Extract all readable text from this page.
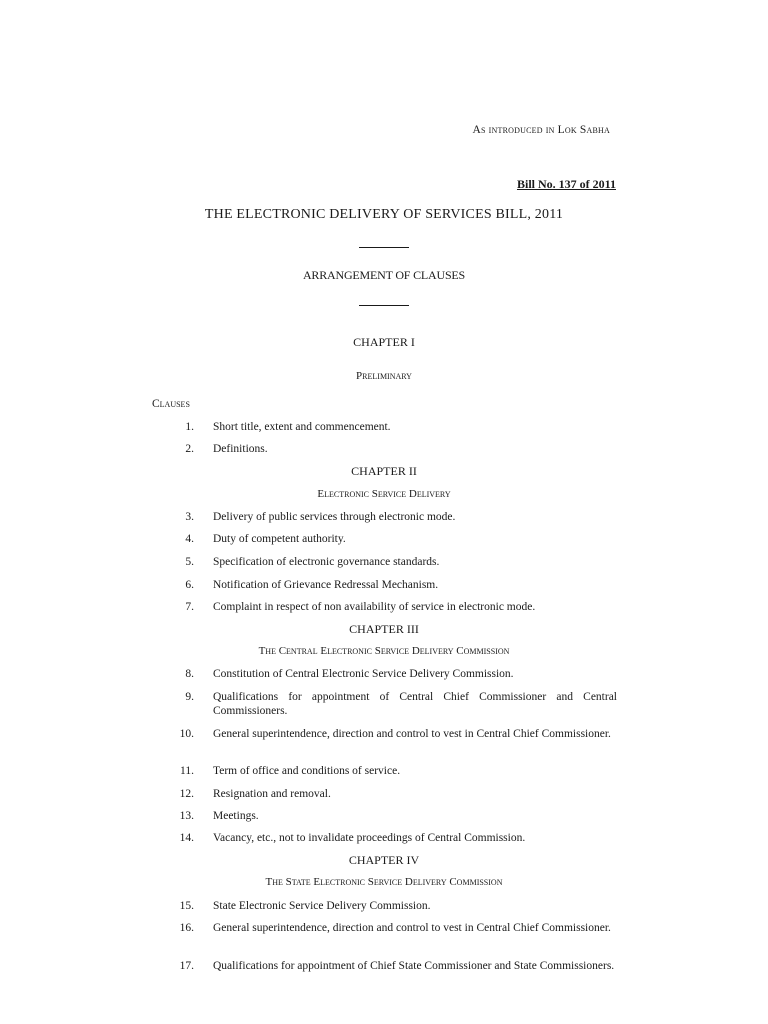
As introduced in Lok Sabha
Bill No. 137 of 2011
THE ELECTRONIC DELIVERY OF SERVICES BILL, 2011
ARRANGEMENT OF CLAUSES
CHAPTER I
Preliminary
Clauses
1. Short title, extent and commencement.
2. Definitions.
CHAPTER II
Electronic Service Delivery
3. Delivery of public services through electronic mode.
4. Duty of competent authority.
5. Specification of electronic governance standards.
6. Notification of Grievance Redressal Mechanism.
7. Complaint in respect of non availability of service in electronic mode.
CHAPTER III
The Central Electronic Service Delivery Commission
8. Constitution of Central Electronic Service Delivery Commission.
9. Qualifications for appointment of Central Chief Commissioner and Central Commissioners.
10. General superintendence, direction and control to vest in Central Chief Commissioner.
11. Term of office and conditions of service.
12. Resignation and removal.
13. Meetings.
14. Vacancy, etc., not to invalidate proceedings of Central Commission.
CHAPTER IV
The State Electronic Service Delivery Commission
15. State Electronic Service Delivery Commission.
16. General superintendence, direction and control to vest in Central Chief Commissioner.
17. Qualifications for appointment of Chief State Commissioner and State Commissioners.
